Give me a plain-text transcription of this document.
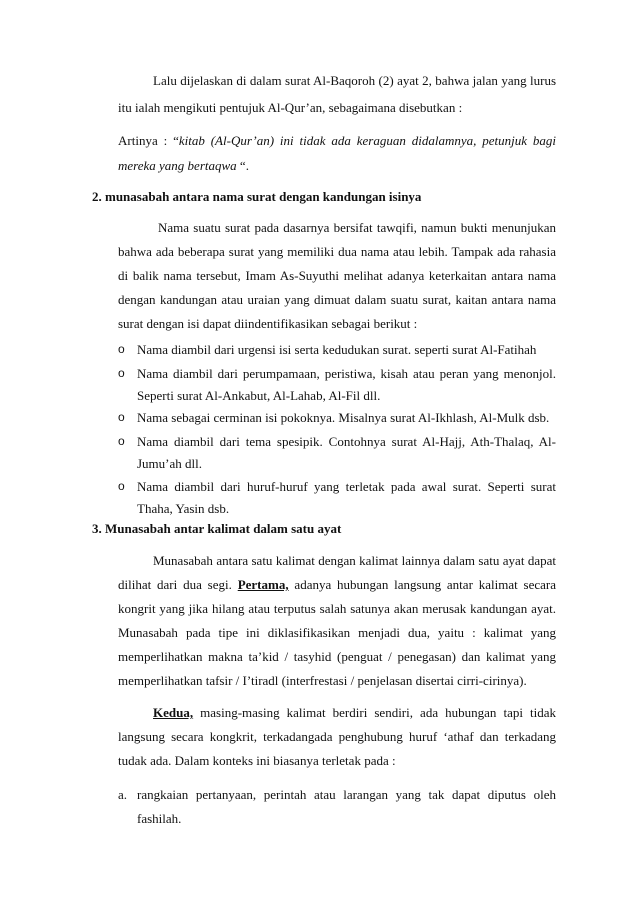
Lalu dijelaskan di dalam surat Al-Baqoroh (2) ayat 2, bahwa jalan yang lurus
itu ialah mengikuti pentujuk Al-Qur’an, sebagaimana disebutkan :
Artinya : “kitab (Al-Qur’an) ini tidak ada keraguan didalamnya, petunjuk bagi
mereka yang bertaqwa “.
2. munasabah antara nama surat dengan kandungan isinya
Nama suatu surat pada dasarnya bersifat tawqifi, namun bukti menunjukan
bahwa ada beberapa surat yang memiliki dua nama atau lebih. Tampak ada rahasia
di balik nama tersebut, Imam As-Suyuthi melihat adanya keterkaitan antara nama
dengan kandungan atau uraian yang dimuat dalam suatu surat, kaitan antara nama
surat dengan isi dapat diindentifikasikan sebagai berikut :
o Nama diambil dari urgensi isi serta kedudukan surat. seperti surat Al-Fatihah
o Nama diambil dari perumpamaan, peristiwa, kisah atau peran yang menonjol.
Seperti surat Al-Ankabut, Al-Lahab, Al-Fil dll.
o Nama sebagai cerminan isi pokoknya. Misalnya surat Al-Ikhlash, Al-Mulk dsb.
o Nama diambil dari tema spesipik. Contohnya surat Al-Hajj, Ath-Thalaq, Al-
Jumu’ah dll.
o Nama diambil dari huruf-huruf yang terletak pada awal surat. Seperti surat
Thaha, Yasin dsb.
3. Munasabah antar kalimat dalam satu ayat
Munasabah antara satu kalimat dengan kalimat lainnya dalam satu ayat dapat
dilihat dari dua segi. Pertama, adanya hubungan langsung antar kalimat secara
kongrit yang jika hilang atau terputus salah satunya akan merusak kandungan ayat.
Munasabah pada tipe ini diklasifikasikan menjadi dua, yaitu : kalimat yang
memperlihatkan makna ta’kid / tasyhid (penguat / penegasan) dan kalimat yang
memperlihatkan tafsir / I’tiradl (interfrestasi / penjelasan disertai cirri-cirinya).
Kedua, masing-masing kalimat berdiri sendiri, ada hubungan tapi tidak
langsung secara kongkrit, terkadangada penghubung huruf ‘athaf dan terkadang
tudak ada. Dalam konteks ini biasanya terletak pada :
a. rangkaian pertanyaan, perintah atau larangan yang tak dapat diputus oleh
fashilah.
